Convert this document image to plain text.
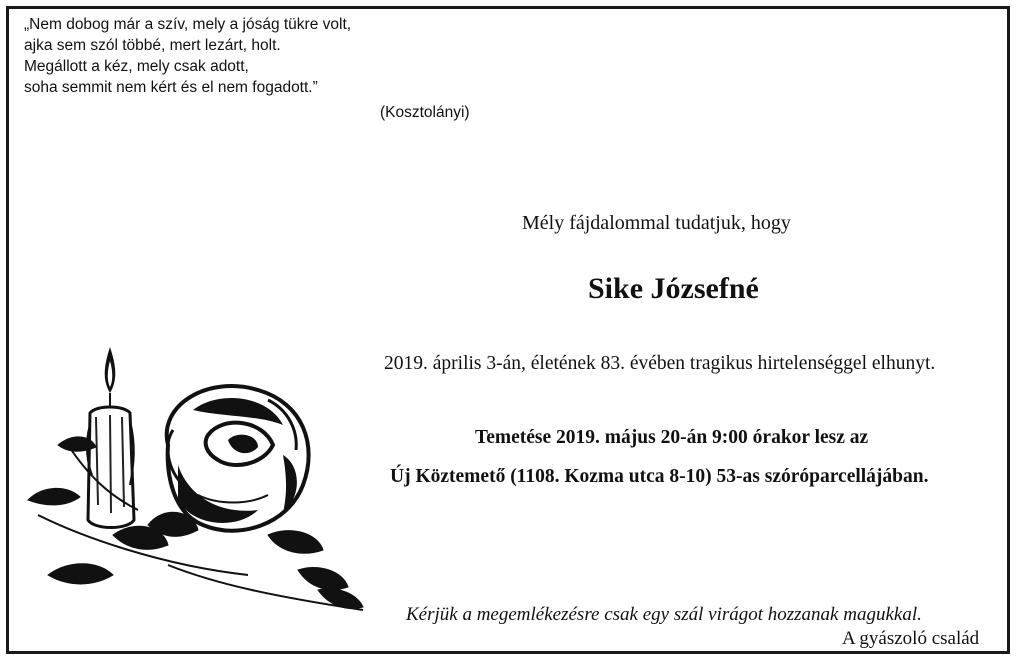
„Nem dobog már a szív, mely a jóság tükre volt,
ajka sem szól többé, mert lezárt, holt.
Megállott a kéz, mely csak adott,
soha semmit nem kért és el nem fogadott.”
(Kosztolányi)
Mély fájdalommal tudatjuk, hogy
Sike Józsefné
2019. április 3-án, életének 83. évében tragikus hirtelenséggel elhunyt.
Temetése 2019. május 20-án 9:00 órakor lesz az
Új Köztemető (1108. Kozma utca 8-10) 53-as szóróparcellájában.
Kérjük a megemlékezésre csak egy szál virágot hozzanak magukkal.
A gyászoló család
